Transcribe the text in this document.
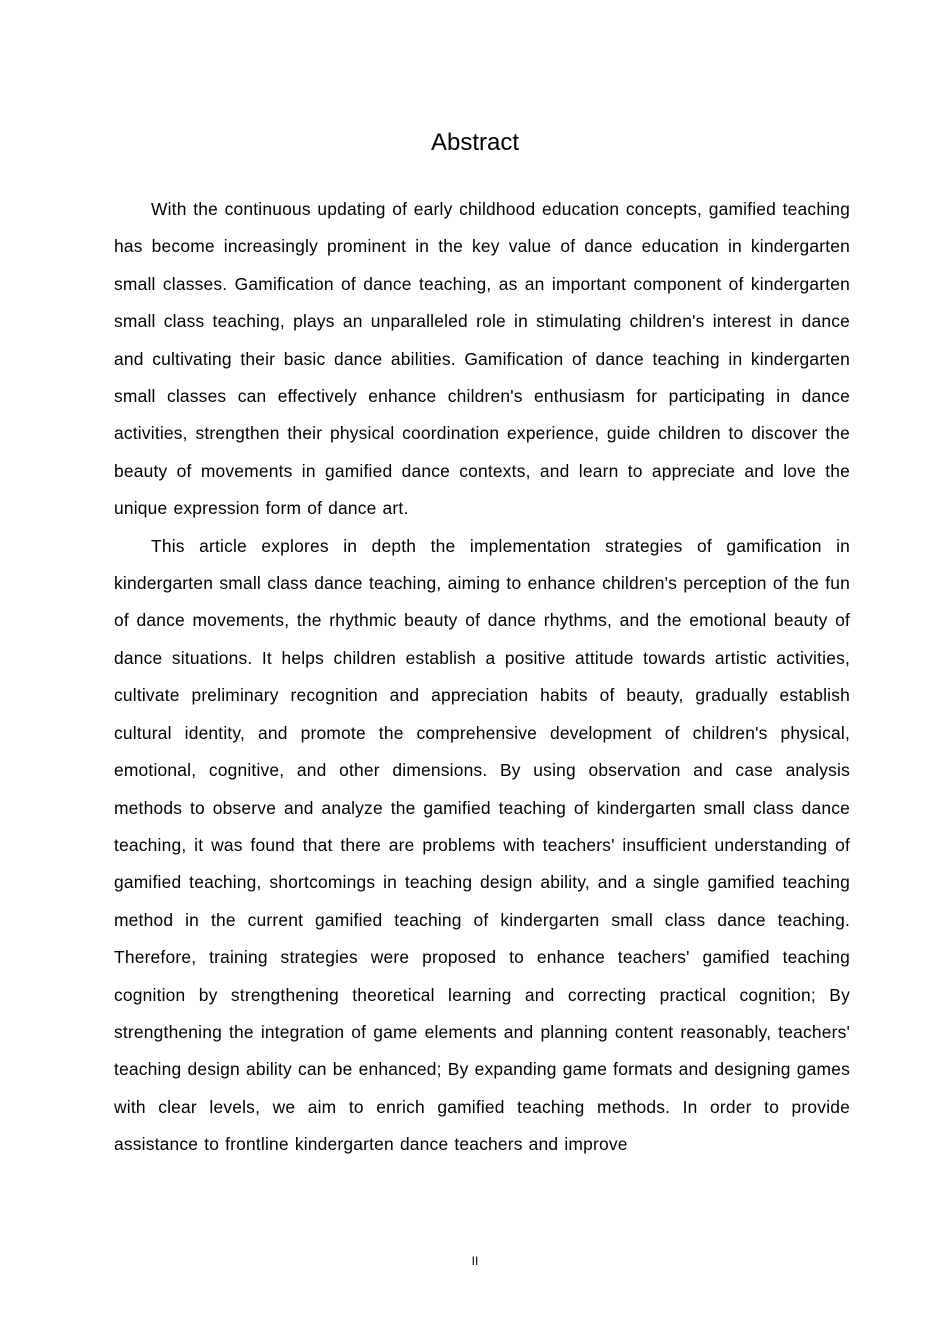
Abstract

With the continuous updating of early childhood education concepts, gamified teaching has become increasingly prominent in the key value of dance education in kindergarten small classes. Gamification of dance teaching, as an important component of kindergarten small class teaching, plays an unparalleled role in stimulating children's interest in dance and cultivating their basic dance abilities. Gamification of dance teaching in kindergarten small classes can effectively enhance children's enthusiasm for participating in dance activities, strengthen their physical coordination experience, guide children to discover the beauty of movements in gamified dance contexts, and learn to appreciate and love the unique expression form of dance art.

This article explores in depth the implementation strategies of gamification in kindergarten small class dance teaching, aiming to enhance children's perception of the fun of dance movements, the rhythmic beauty of dance rhythms, and the emotional beauty of dance situations. It helps children establish a positive attitude towards artistic activities, cultivate preliminary recognition and appreciation habits of beauty, gradually establish cultural identity, and promote the comprehensive development of children's physical, emotional, cognitive, and other dimensions. By using observation and case analysis methods to observe and analyze the gamified teaching of kindergarten small class dance teaching, it was found that there are problems with teachers' insufficient understanding of gamified teaching, shortcomings in teaching design ability, and a single gamified teaching method in the current gamified teaching of kindergarten small class dance teaching. Therefore, training strategies were proposed to enhance teachers' gamified teaching cognition by strengthening theoretical learning and correcting practical cognition; By strengthening the integration of game elements and planning content reasonably, teachers' teaching design ability can be enhanced; By expanding game formats and designing games with clear levels, we aim to enrich gamified teaching methods. In order to provide assistance to frontline kindergarten dance teachers and improve

II
